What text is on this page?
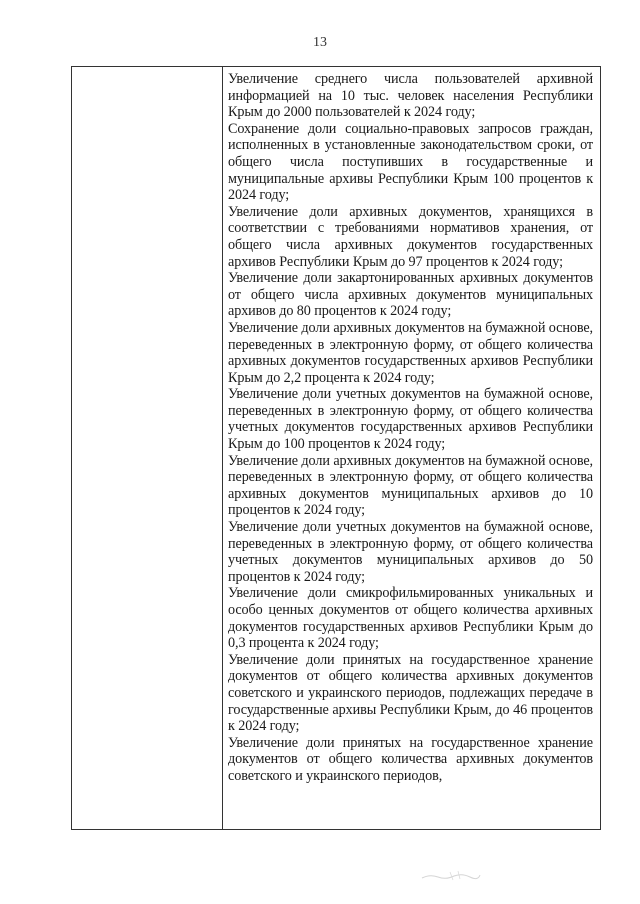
13

Увеличение среднего числа пользователей архивной информацией на 10 тыс. человек населения Республики Крым до 2000 пользователей к 2024 году;

Сохранение доли социально-правовых запросов граждан, исполненных в установленные законодательством сроки, от общего числа поступивших в государственные и муниципальные архивы Республики Крым 100 процентов к 2024 году;

Увеличение доли архивных документов, хранящихся в соответствии с требованиями нормативов хранения, от общего числа архивных документов государственных архивов Республики Крым до 97 процентов к 2024 году;

Увеличение доли закартонированных архивных документов от общего числа архивных документов муниципальных архивов до 80 процентов к 2024 году;

Увеличение доли архивных документов на бумажной основе, переведенных в электронную форму, от общего количества архивных документов государственных архивов Республики Крым до 2,2 процента к 2024 году;

Увеличение доли учетных документов на бумажной основе, переведенных в электронную форму, от общего количества учетных документов государственных архивов Республики Крым до 100 процентов к 2024 году;

Увеличение доли архивных документов на бумажной основе, переведенных в электронную форму, от общего количества архивных документов муниципальных архивов до 10 процентов к 2024 году;

Увеличение доли учетных документов на бумажной основе, переведенных в электронную форму, от общего количества учетных документов муниципальных архивов до 50 процентов к 2024 году;

Увеличение доли смикрофильмированных уникальных и особо ценных документов от общего количества архивных документов государственных архивов Республики Крым до 0,3 процента к 2024 году;

Увеличение доли принятых на государственное хранение документов от общего количества архивных документов советского и украинского периодов, подлежащих передаче в государственные архивы Республики Крым, до 46 процентов к 2024 году;

Увеличение доли принятых на государственное хранение документов от общего количества архивных документов советского и украинского периодов,
